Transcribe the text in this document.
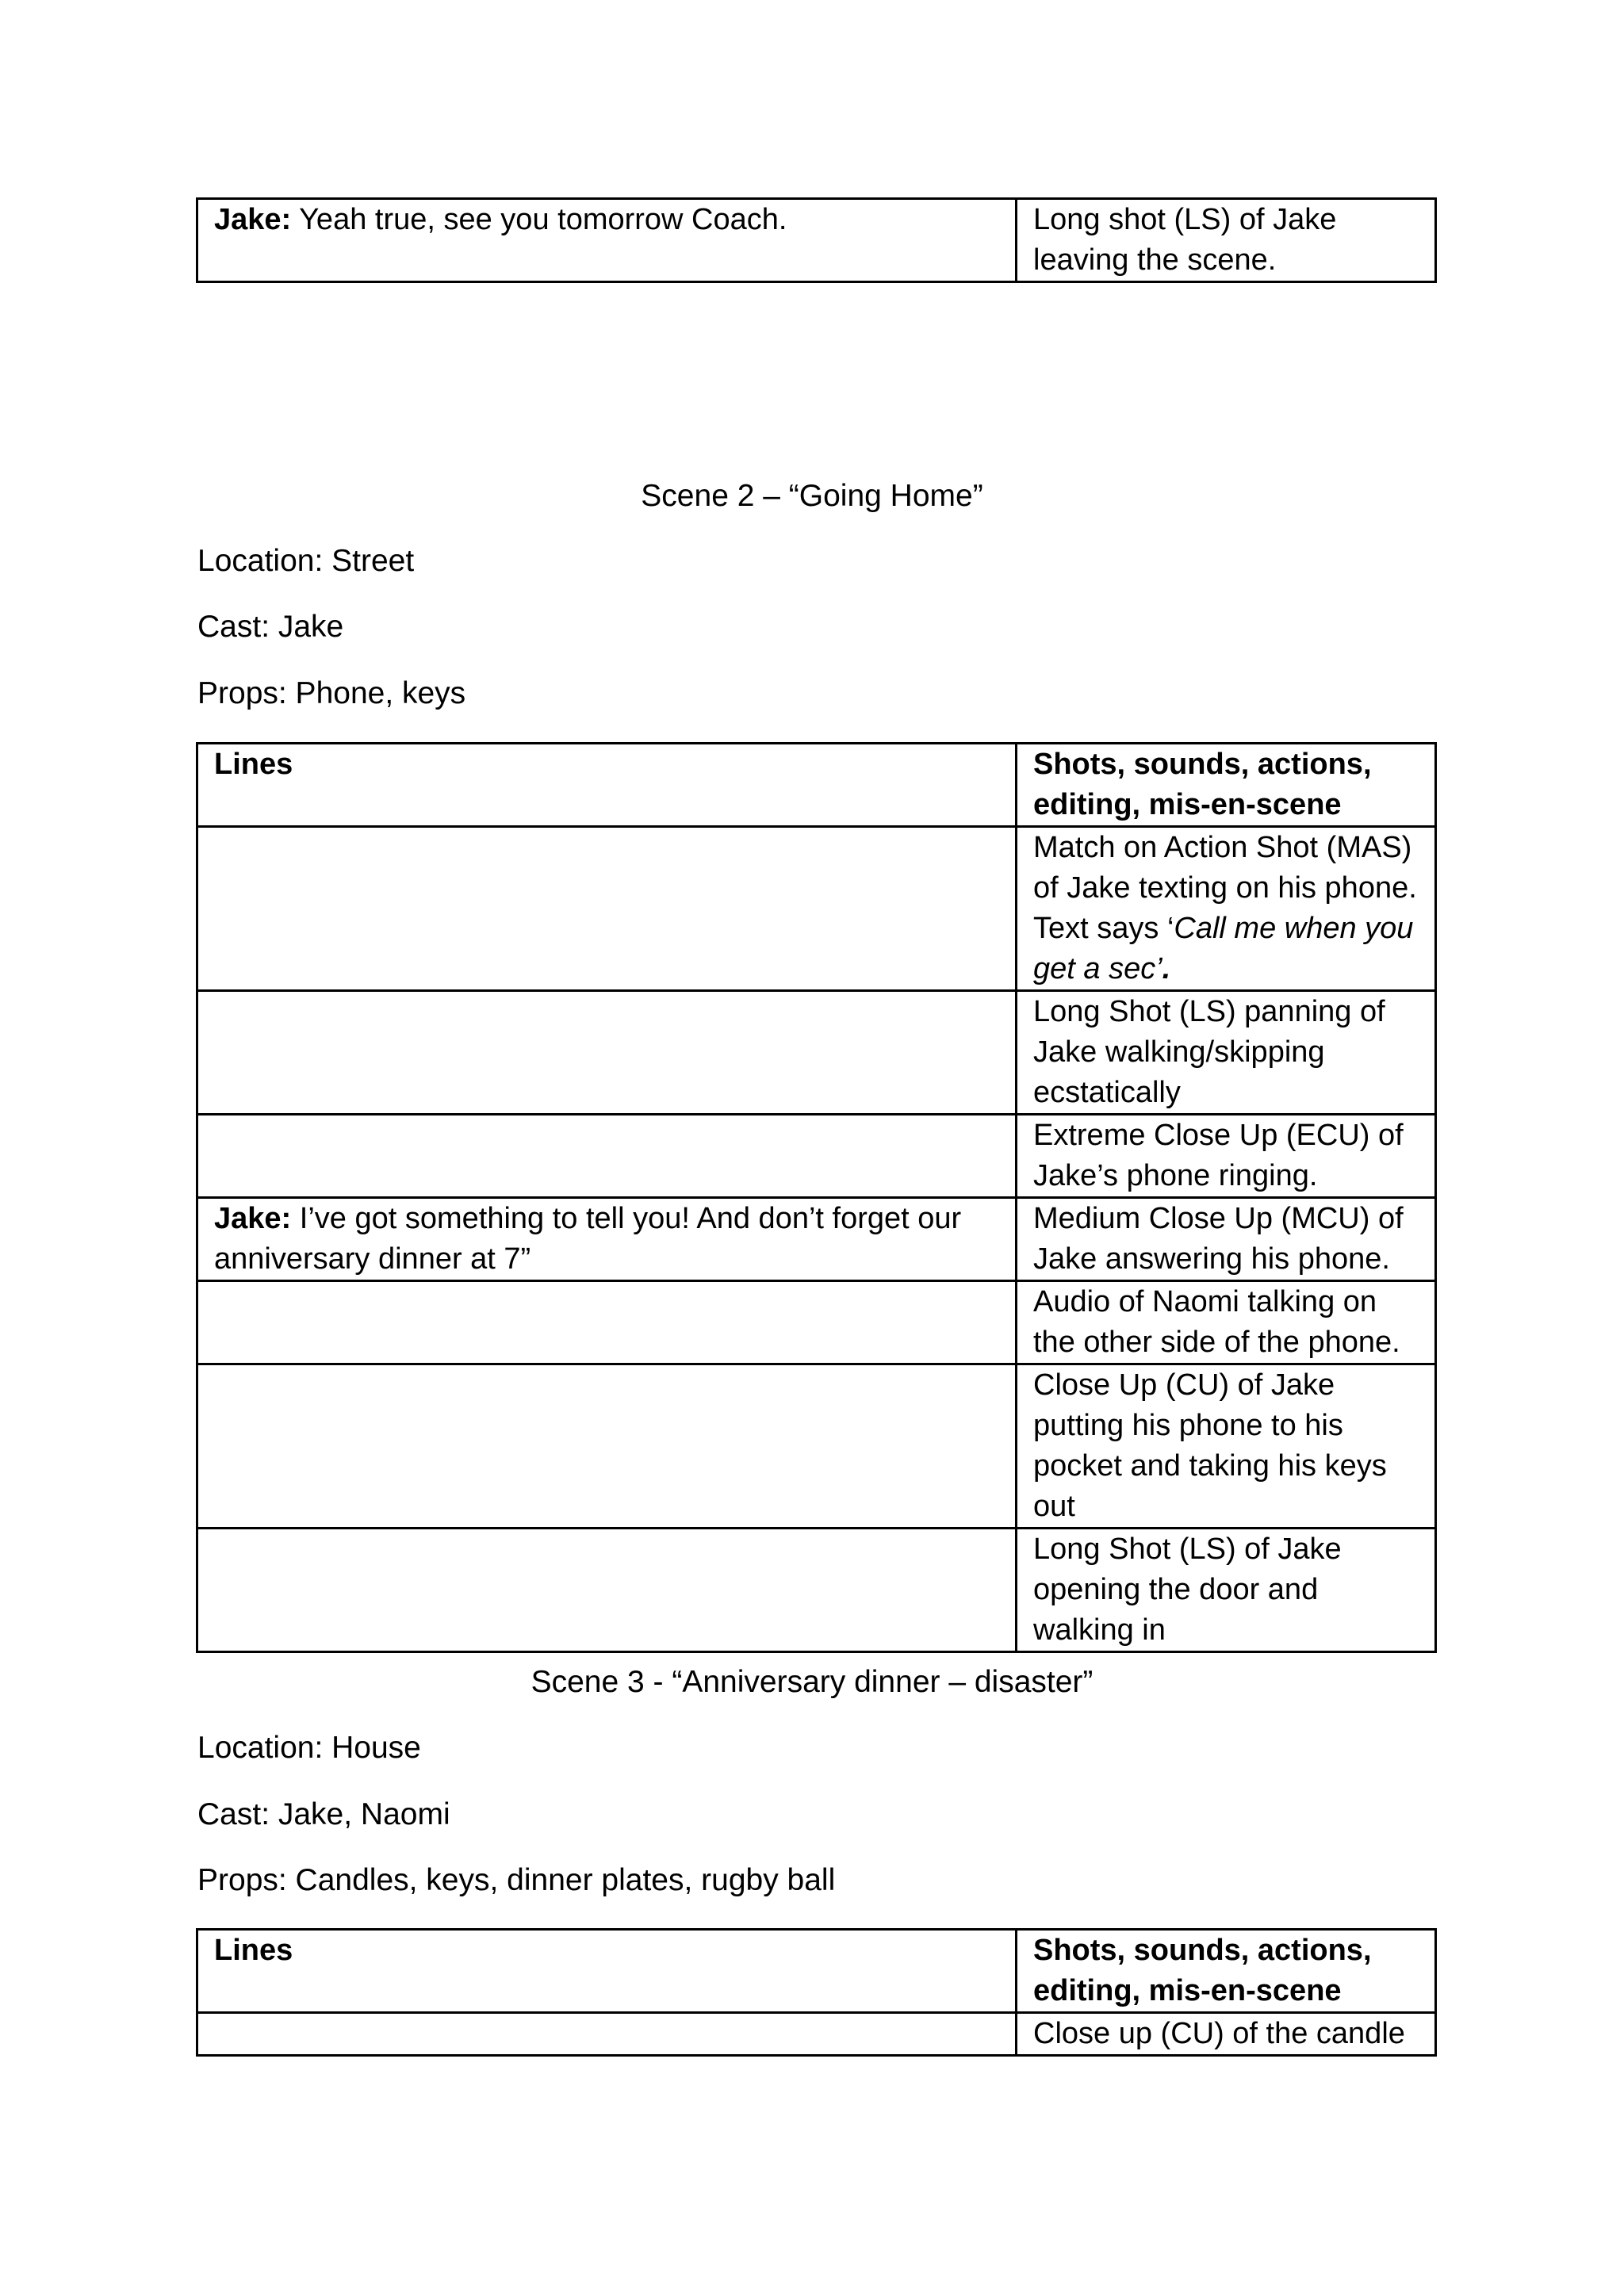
Jake: Yeah true, see you tomorrow Coach.	Long shot (LS) of Jake leaving the scene.
Scene 2 – “Going Home”
Location: Street
Cast: Jake
Props: Phone, keys
Lines	Shots, sounds, actions, editing, mis-en-scene
	Match on Action Shot (MAS) of Jake texting on his phone. Text says ‘Call me when you get a sec’.
	Long Shot (LS) panning of Jake walking/skipping ecstatically
	Extreme Close Up (ECU) of Jake’s phone ringing.
Jake: I’ve got something to tell you! And don’t forget our anniversary dinner at 7”	Medium Close Up (MCU) of Jake answering his phone.
	Audio of Naomi talking on the other side of the phone.
	Close Up (CU) of Jake putting his phone to his pocket and taking his keys out
	Long Shot (LS) of Jake opening the door and walking in
Scene 3 - “Anniversary dinner – disaster”
Location: House
Cast: Jake, Naomi
Props: Candles, keys, dinner plates, rugby ball
Lines	Shots, sounds, actions, editing, mis-en-scene
	Close up (CU) of the candle
